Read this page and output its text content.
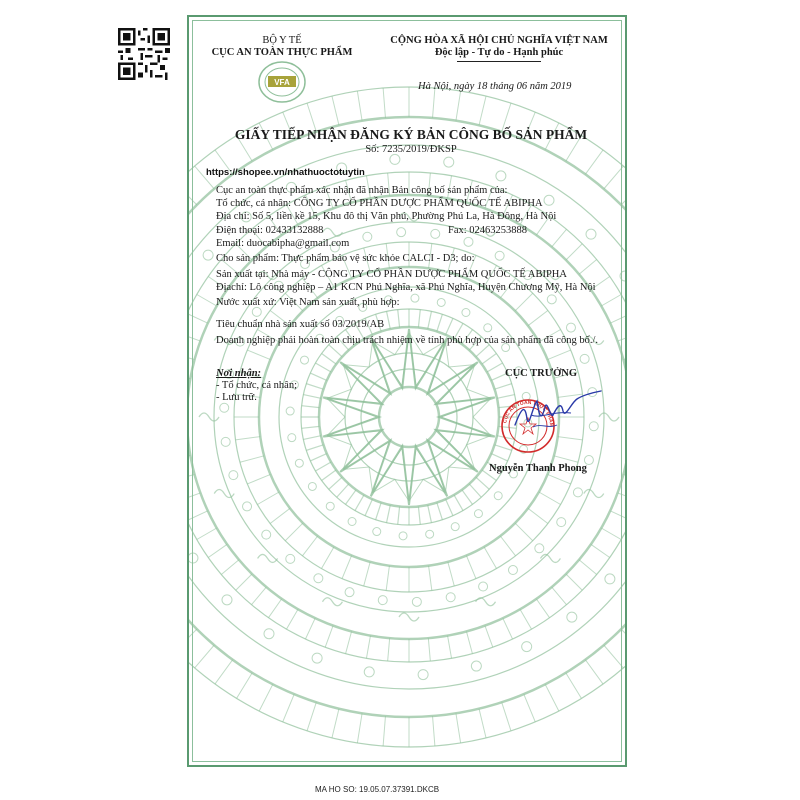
VFA
BỘ Y TẾ
CỤC AN TOÀN THỰC PHẨM
CỘNG HÒA XÃ HỘI CHỦ NGHĨA VIỆT NAM
Độc lập - Tự do - Hạnh phúc
Hà Nội, ngày 18 tháng 06 năm 2019
GIẤY TIẾP NHẬN ĐĂNG KÝ BẢN CÔNG BỐ SẢN PHẨM
Số: 7235/2019/ĐKSP
Cục an toàn thực phẩm xác nhận đã nhận Bản công bố sản phẩm của:
Tổ chức, cá nhân: CÔNG TY CỔ PHẦN DƯỢC PHẨM QUỐC TẾ ABIPHA
Địa chỉ: Số 5, liền kề 15, Khu đô thị Văn phú, Phường Phú La, Hà Đông, Hà Nội
Điện thoại: 02433132888	Fax: 02463253888
Email: duocabipha@gmail.com
Cho sản phẩm: Thực phẩm bảo vệ sức khỏe CALCI - D3; do:
Sản xuất tại: Nhà máy - CÔNG TY CỔ PHẦN DƯỢC PHẨM QUỐC TẾ ABIPHA
Địachỉ: Lô công nghiệp – A1 KCN Phú Nghĩa, xã Phú Nghĩa, Huyện Chương Mỹ, Hà Nội
Nước xuất xứ: Việt Nam sản xuất, phù hợp:
Tiêu chuẩn nhà sản xuất số 03/2019/AB
Doanh nghiệp phải hoàn toàn chịu trách nhiệm về tính phù hợp của sản phẩm đã công bố./.
Nơi nhận:
- Tổ chức, cá nhân;
- Lưu trữ.
CỤC TRƯỞNG
CỤC AN TOÀN THỰC PHẨM
Nguyễn Thanh Phong
https://shopee.vn/nhathuoctotuytin
MA HO SO: 19.05.07.37391.DKCB
